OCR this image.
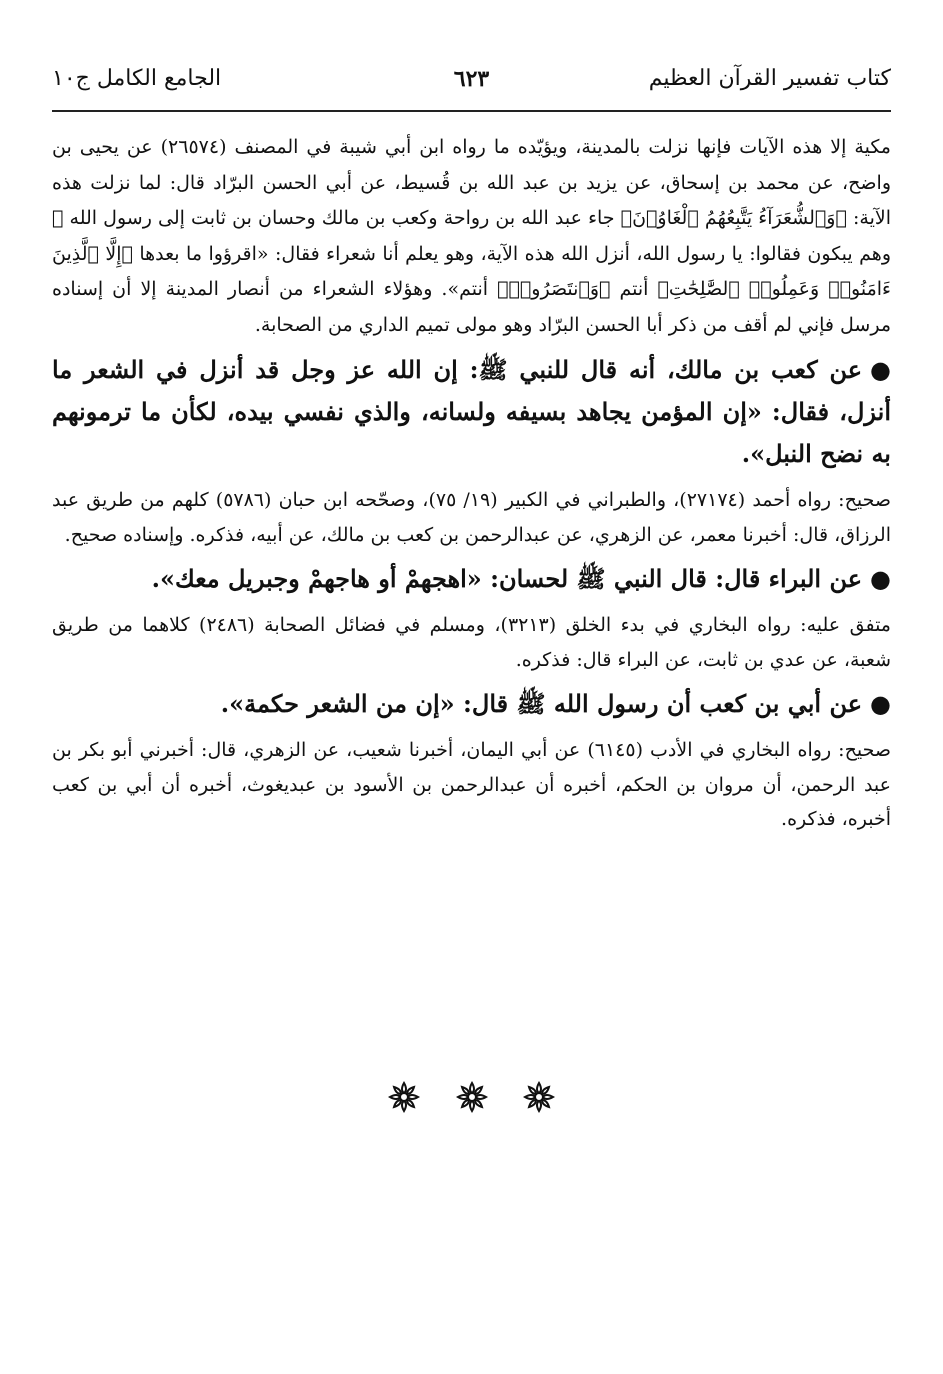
كتاب تفسير القرآن العظيم
٦٢٣
الجامع الكامل ج١٠

مكية إلا هذه الآيات فإنها نزلت بالمدينة، ويؤيّده ما رواه ابن أبي شيبة في المصنف (٢٦٥٧٤) عن يحيى بن واضح، عن محمد بن إسحاق، عن يزيد بن عبد الله بن قُسيط، عن أبي الحسن البرّاد قال: لما نزلت هذه الآية: ﴿وَٱلشُّعَرَآءُ يَتَّبِعُهُمُ ٱلْغَاوُۥنَ﴾ جاء عبد الله بن رواحة وكعب بن مالك وحسان بن ثابت إلى رسول الله ﷺ وهم يبكون فقالوا: يا رسول الله، أنزل الله هذه الآية، وهو يعلم أنا شعراء فقال: «اقرؤوا ما بعدها ﴿إِلَّا ٱلَّذِينَ ءَامَنُوا۟ وَعَمِلُوا۟ ٱلصَّٰلِحَٰتِ﴾ أنتم ﴿وَٱنتَصَرُوا۟﴾ أنتم». وهؤلاء الشعراء من أنصار المدينة إلا أن إسناده مرسل فإني لم أقف من ذكر أبا الحسن البرّاد وهو مولى تميم الداري من الصحابة.

●عن كعب بن مالك، أنه قال للنبي ﷺ: إن الله عز وجل قد أنزل في الشعر ما أنزل، فقال: «إن المؤمن يجاهد بسيفه ولسانه، والذي نفسي بيده، لكأن ما ترمونهم به نضح النبل».

صحيح: رواه أحمد (٢٧١٧٤)، والطبراني في الكبير (١٩/ ٧٥)، وصحّحه ابن حبان (٥٧٨٦) كلهم من طريق عبد الرزاق، قال: أخبرنا معمر، عن الزهري، عن عبدالرحمن بن كعب بن مالك، عن أبيه، فذكره. وإسناده صحيح.

●عن البراء قال: قال النبي ﷺ لحسان: «اهجهمْ أو هاجهمْ وجبريل معك».

متفق عليه: رواه البخاري في بدء الخلق (٣٢١٣)، ومسلم في فضائل الصحابة (٢٤٨٦) كلاهما من طريق شعبة، عن عدي بن ثابت، عن البراء قال: فذكره.

●عن أبي بن كعب أن رسول الله ﷺ قال: «إن من الشعر حكمة».

صحيح: رواه البخاري في الأدب (٦١٤٥) عن أبي اليمان، أخبرنا شعيب، عن الزهري، قال: أخبرني أبو بكر بن عبد الرحمن، أن مروان بن الحكم، أخبره أن عبدالرحمن بن الأسود بن عبديغوث، أخبره أن أبي بن كعب أخبره، فذكره.
